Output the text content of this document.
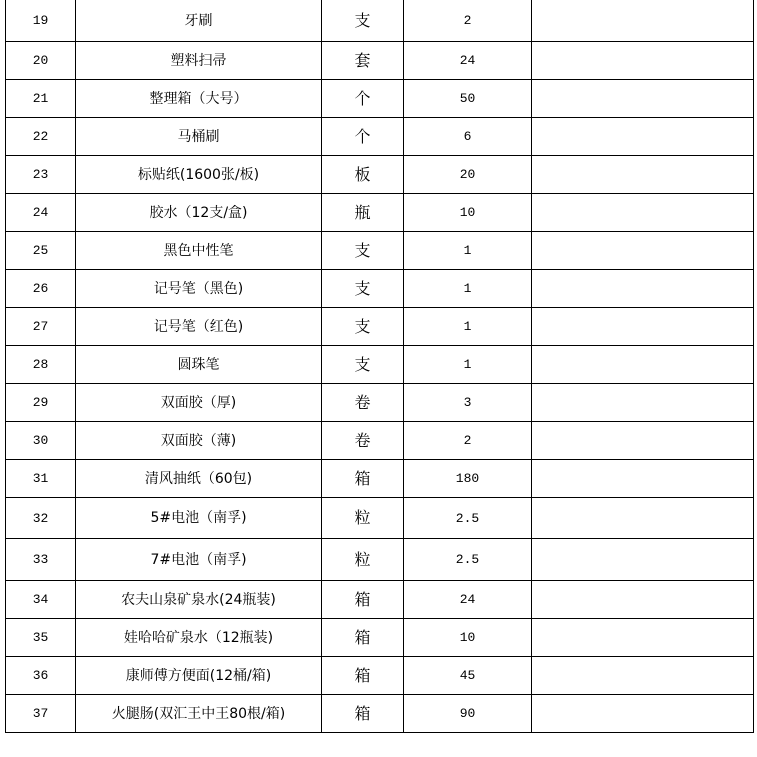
19	牙刷	支	2	
20	塑料扫帚	套	24	
21	整理箱（大号）	个	50	
22	马桶刷	个	6	
23	标贴纸(1600张/板)	板	20	
24	胶水（12支/盒)	瓶	10	
25	黑色中性笔	支	1	
26	记号笔（黑色)	支	1	
27	记号笔（红色)	支	1	
28	圆珠笔	支	1	
29	双面胶（厚)	卷	3	
30	双面胶（薄)	卷	2	
31	清风抽纸（60包)	箱	180	
32	5#电池（南孚)	粒	2.5	
33	7#电池（南孚)	粒	2.5	
34	农夫山泉矿泉水(24瓶装)	箱	24	
35	娃哈哈矿泉水（12瓶装)	箱	10	
36	康师傅方便面(12桶/箱)	箱	45	
37	火腿肠(双汇王中王80根/箱)	箱	90	
